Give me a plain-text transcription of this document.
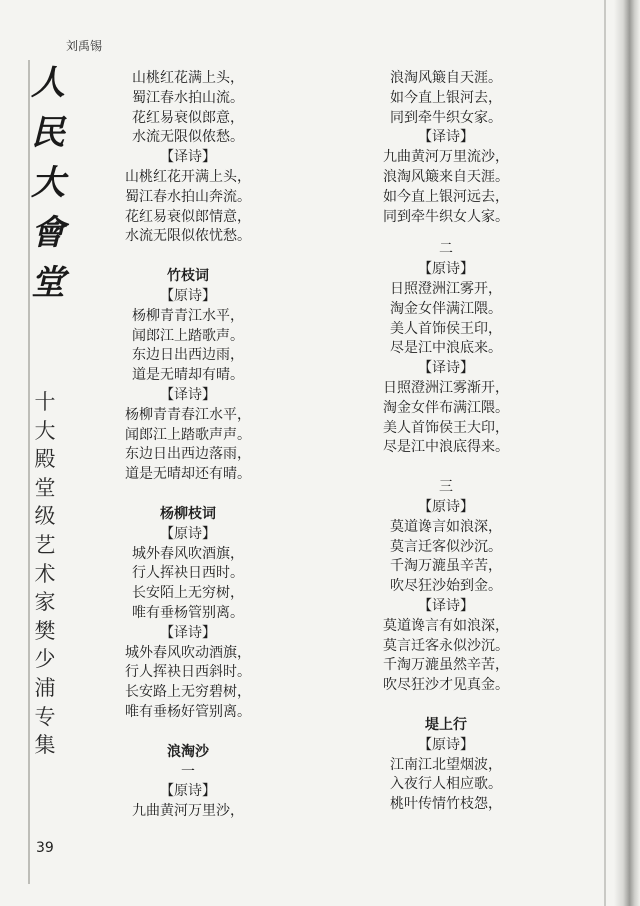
刘禹锡
人
民
大
會
堂
十
大
殿
堂
级
艺
术
家
樊
少
浦
专
集
39
山桃红花满上头，
蜀江春水拍山流。
花红易衰似郎意，
水流无限似侬愁。
【译诗】
山桃红花开满上头，
蜀江春水拍山奔流。
花红易衰似郎情意，
水流无限似侬忧愁。
竹枝词
【原诗】
杨柳青青江水平，
闻郎江上踏歌声。
东边日出西边雨，
道是无晴却有晴。
【译诗】
杨柳青青春江水平，
闻郎江上踏歌声声。
东边日出西边落雨，
道是无晴却还有晴。
杨柳枝词
【原诗】
城外春风吹酒旗，
行人挥袂日西时。
长安陌上无穷树，
唯有垂杨管别离。
【译诗】
城外春风吹动酒旗，
行人挥袂日西斜时。
长安路上无穷碧树，
唯有垂杨好管别离。
浪淘沙
一
【原诗】
九曲黄河万里沙，
浪淘风簸自天涯。
如今直上银河去，
同到牵牛织女家。
【译诗】
九曲黄河万里流沙，
浪淘风簸来自天涯。
如今直上银河远去，
同到牵牛织女人家。
二
【原诗】
日照澄洲江雾开，
淘金女伴满江隈。
美人首饰侯王印，
尽是江中浪底来。
【译诗】
日照澄洲江雾渐开，
淘金女伴布满江隈。
美人首饰侯王大印，
尽是江中浪底得来。
三
【原诗】
莫道谗言如浪深，
莫言迁客似沙沉。
千淘万漉虽辛苦，
吹尽狂沙始到金。
【译诗】
莫道谗言有如浪深，
莫言迁客永似沙沉。
千淘万漉虽然辛苦，
吹尽狂沙才见真金。
堤上行
【原诗】
江南江北望烟波，
入夜行人相应歌。
桃叶传情竹枝怨，
